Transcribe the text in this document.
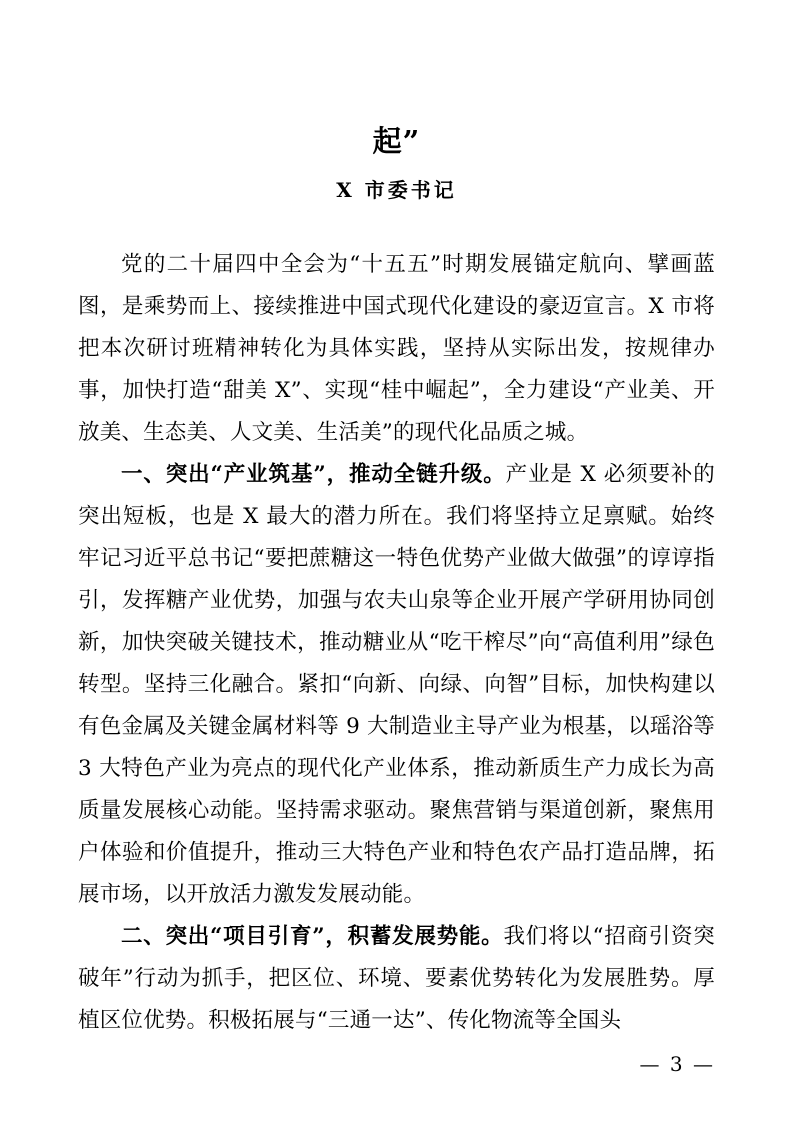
起”
X 市委书记

党的二十届四中全会为“十五五”时期发展锚定航向、擘画蓝图，是乘势而上、接续推进中国式现代化建设的豪迈宣言。X 市将把本次研讨班精神转化为具体实践，坚持从实际出发，按规律办事，加快打造“甜美 X”、实现“桂中崛起”，全力建设“产业美、开放美、生态美、人文美、生活美”的现代化品质之城。

一、突出“产业筑基”，推动全链升级。产业是 X 必须要补的突出短板，也是 X 最大的潜力所在。我们将坚持立足禀赋。始终牢记习近平总书记“要把蔗糖这一特色优势产业做大做强”的谆谆指引，发挥糖产业优势，加强与农夫山泉等企业开展产学研用协同创新，加快突破关键技术，推动糖业从“吃干榨尽”向“高值利用”绿色转型。坚持三化融合。紧扣“向新、向绿、向智”目标，加快构建以有色金属及关键金属材料等 9 大制造业主导产业为根基，以瑶浴等 3 大特色产业为亮点的现代化产业体系，推动新质生产力成长为高质量发展核心动能。坚持需求驱动。聚焦营销与渠道创新，聚焦用户体验和价值提升，推动三大特色产业和特色农产品打造品牌，拓展市场，以开放活力激发发展动能。

二、突出“项目引育”，积蓄发展势能。我们将以“招商引资突破年”行动为抓手，把区位、环境、要素优势转化为发展胜势。厚植区位优势。积极拓展与“三通一达”、传化物流等全国头

— 3 —
